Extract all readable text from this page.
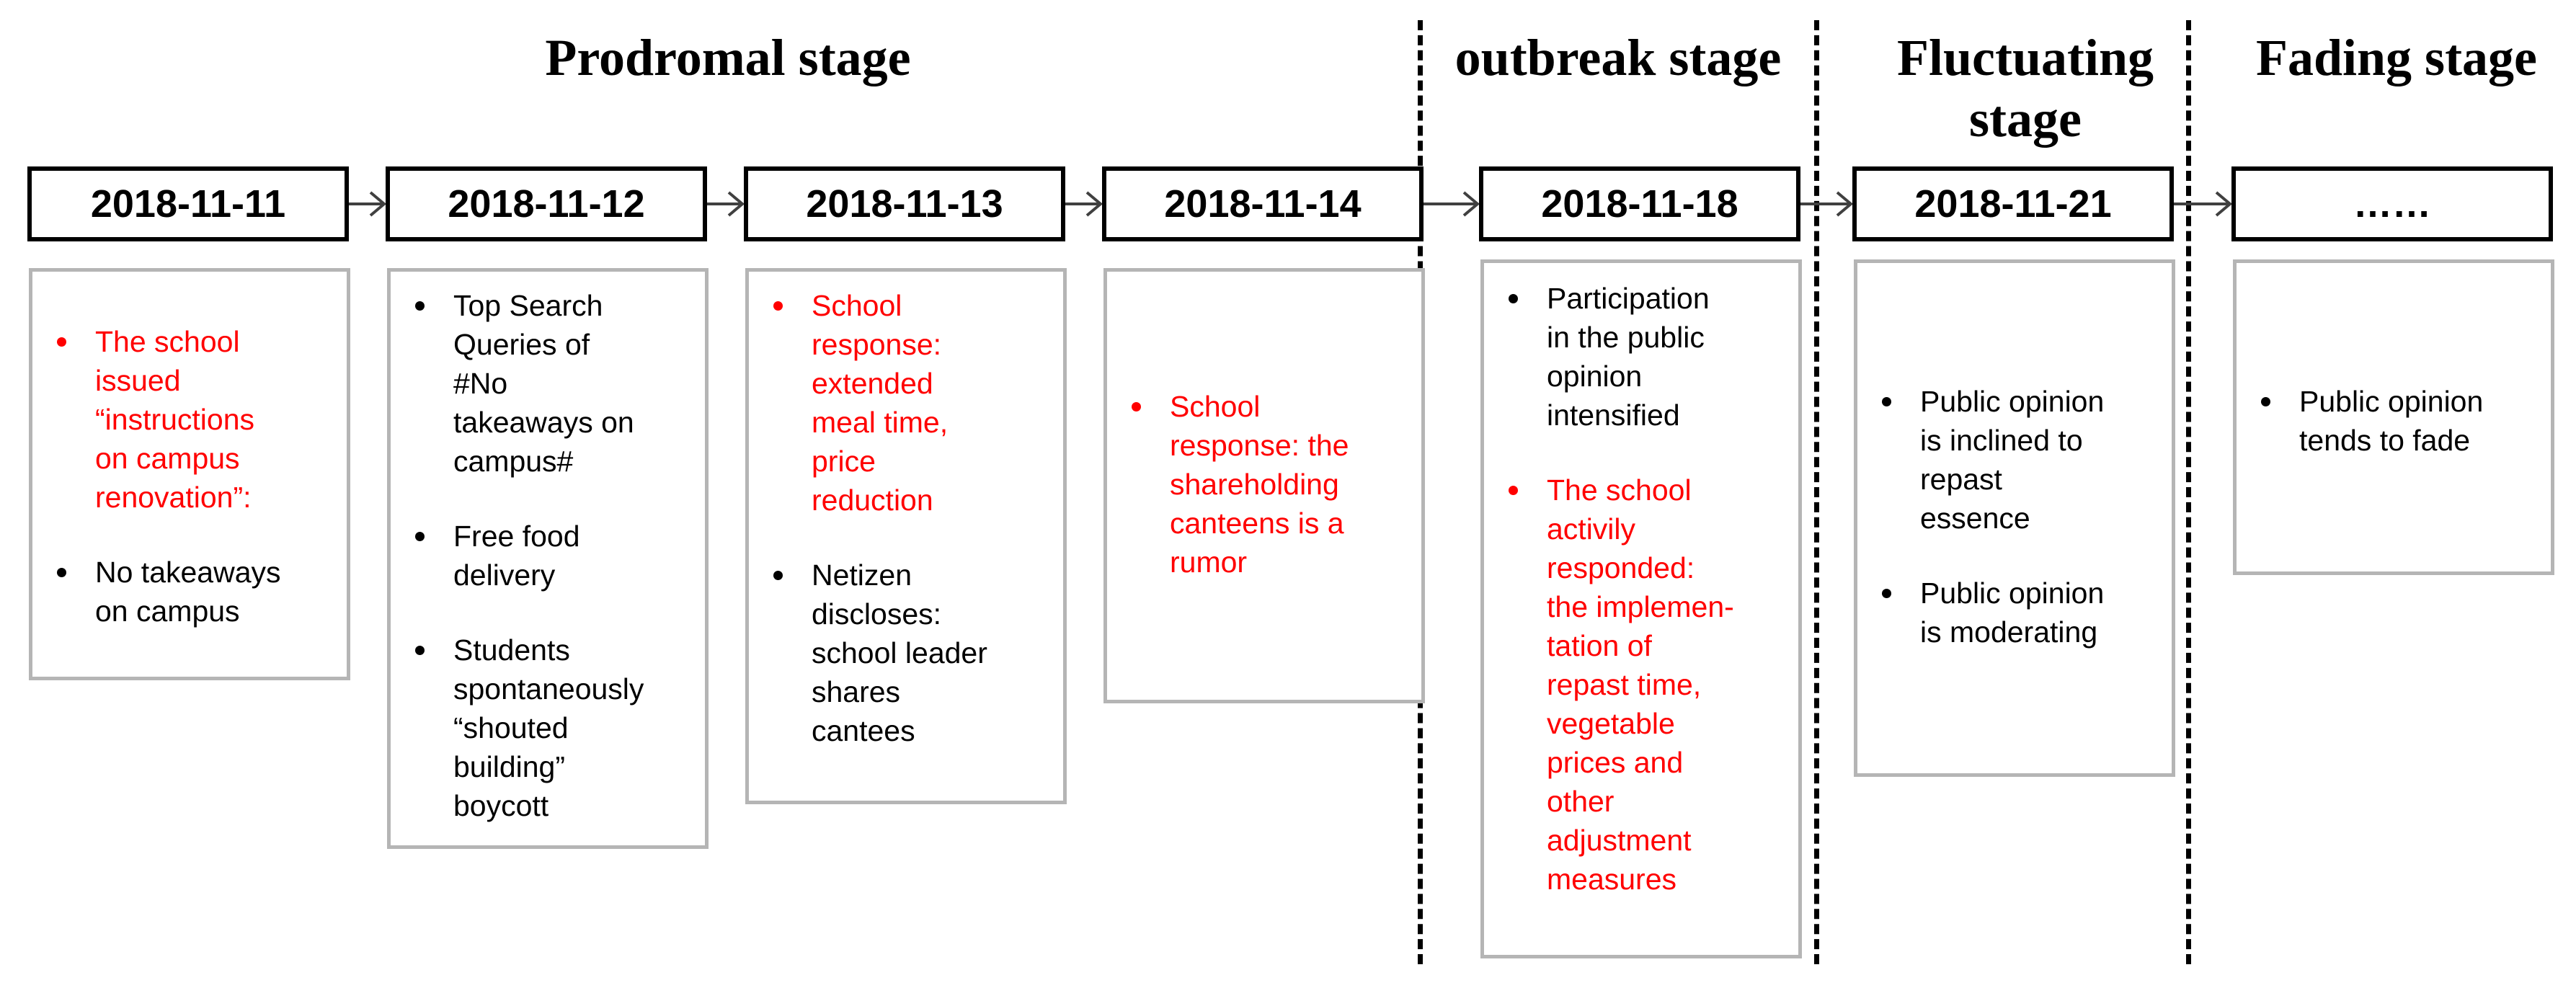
Prodromal stage	outbreak stage	Fluctuating
stage
Fading stage
2018-11-11	2018-11-12	2018-11-13	2018-11-14	2018-11-18	2018-11-21	……
The school
issued
“instructions
on campus
renovation”:
No takeaways
on campus
Top Search
Queries of
#No
takeaways on
campus#
Free food
delivery
Students
spontaneously
“shouted
building”
boycott
School
response:
extended
meal time,
price
reduction
Netizen
discloses:
school leader
shares
cantees
School
response: the
shareholding
canteens is a
rumor
Participation
in the public
opinion
intensified
The school
activily
responded:
the implemen-
tation of
repast time,
vegetable
prices and
other
adjustment
measures
Public opinion
is inclined to
repast
essence
Public opinion
is moderating
Public opinion
tends to fade
